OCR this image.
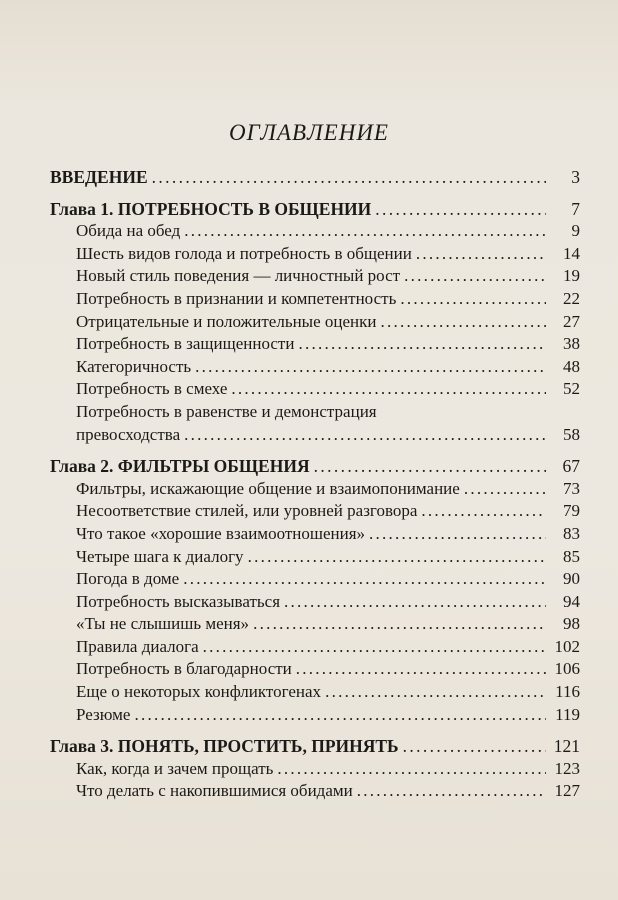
ОГЛАВЛЕНИЕ
ВВЕДЕНИЕ . . .	3
Глава 1. ПОТРЕБНОСТЬ В ОБЩЕНИИ . . .	7
Обида на обед . . .	9
Шесть видов голода и потребность в общении . . .	14
Новый стиль поведения — личностный рост . . .	19
Потребность в признании и компетентность . . .	22
Отрицательные и положительные оценки . . .	27
Потребность в защищенности . . .	38
Категоричность . . .	48
Потребность в смехе . . .	52
Потребность в равенстве и демонстрация
превосходства . . .	58
Глава 2. ФИЛЬТРЫ ОБЩЕНИЯ . . .	67
Фильтры, искажающие общение и взаимопонимание . . .	73
Несоответствие стилей, или уровней разговора . . .	79
Что такое «хорошие взаимоотношения» . . .	83
Четыре шага к диалогу . . .	85
Погода в доме . . .	90
Потребность высказываться . . .	94
«Ты не слышишь меня» . . .	98
Правила диалога . . .	102
Потребность в благодарности . . .	106
Еще о некоторых конфликтогенах . . .	116
Резюме . . .	119
Глава 3. ПОНЯТЬ, ПРОСТИТЬ, ПРИНЯТЬ . . .	121
Как, когда и зачем прощать . . .	123
Что делать с накопившимися обидами . . .	127
